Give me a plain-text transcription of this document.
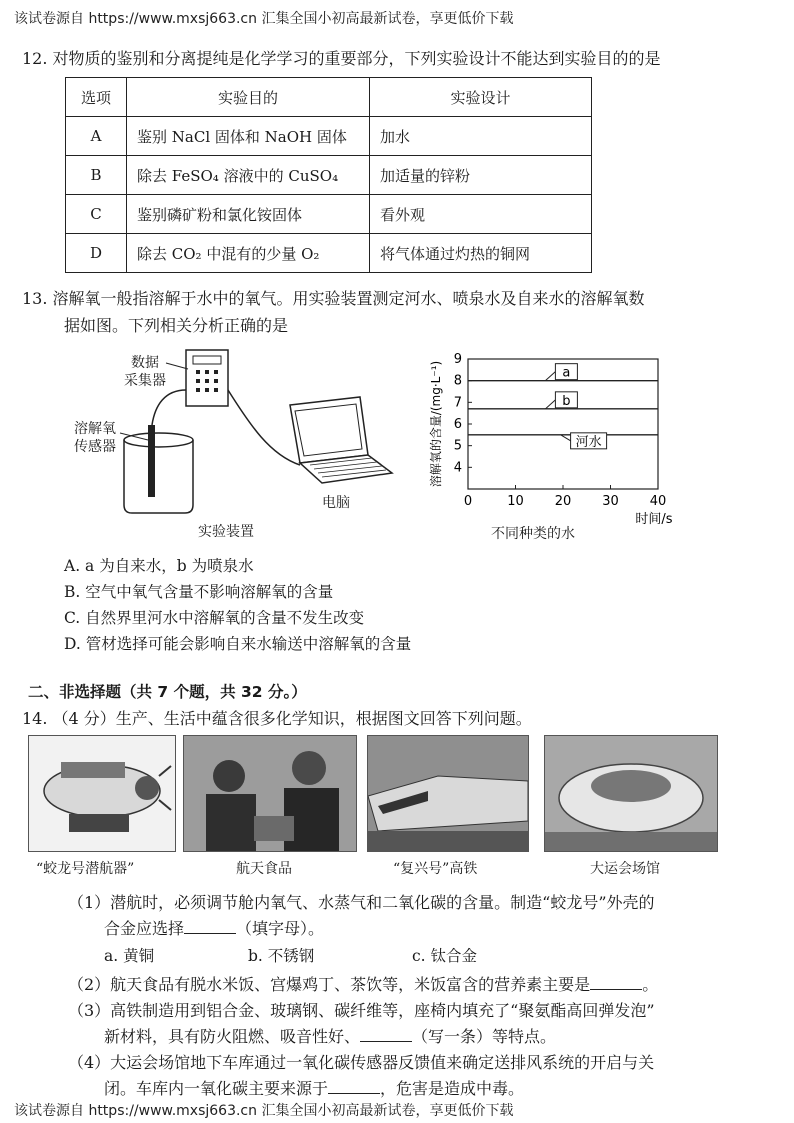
该试卷源自 https://www.mxsj663.cn 汇集全国小初高最新试卷，享更低价下载
12. 对物质的鉴别和分离提纯是化学学习的重要部分，下列实验设计不能达到实验目的的是
选项	实验目的	实验设计
A	鉴别 NaCl 固体和 NaOH 固体	加水
B	除去 FeSO₄ 溶液中的 CuSO₄	加适量的锌粉
C	鉴别磷矿粉和氯化铵固体	看外观
D	除去 CO₂ 中混有的少量 O₂	将气体通过灼热的铜网
13. 溶解氧一般指溶解于水中的氧气。用实验装置测定河水、喷泉水及自来水的溶解氧数
据如图。下列相关分析正确的是
数据
采集器
溶解氧
传感器
电脑
实验装置
0	10 20 30 40
4
5
6
7
8
9
时间/s
溶解氧的含量/(mg·L⁻¹)	a
b
河水
不同种类的水
A. a 为自来水，b 为喷泉水
B. 空气中氧气含量不影响溶解氧的含量
C. 自然界里河水中溶解氧的含量不发生改变
D. 管材选择可能会影响自来水输送中溶解氧的含量
二、非选择题（共 7 个题，共 32 分。）
14. （4 分）生产、生活中蕴含很多化学知识，根据图文回答下列问题。
“蛟龙号潜航器”	航天食品	“复兴号”高铁	大运会场馆
（1）潜航时，必须调节舱内氧气、水蒸气和二氧化碳的含量。制造“蛟龙号”外壳的
合金应选择	（填字母）。
a. 黄铜	b. 不锈钢	c. 钛合金
（2）航天食品有脱水米饭、宫爆鸡丁、茶饮等，米饭富含的营养素主要是	。
（3）高铁制造用到铝合金、玻璃钢、碳纤维等，座椅内填充了“聚氨酯高回弹发泡”
新材料，具有防火阻燃、吸音性好、	（写一条）等特点。
（4）大运会场馆地下车库通过一氧化碳传感器反馈值来确定送排风系统的开启与关
闭。车库内一氧化碳主要来源于	，危害是造成中毒。
该试卷源自 https://www.mxsj663.cn 汇集全国小初高最新试卷，享更低价下载
